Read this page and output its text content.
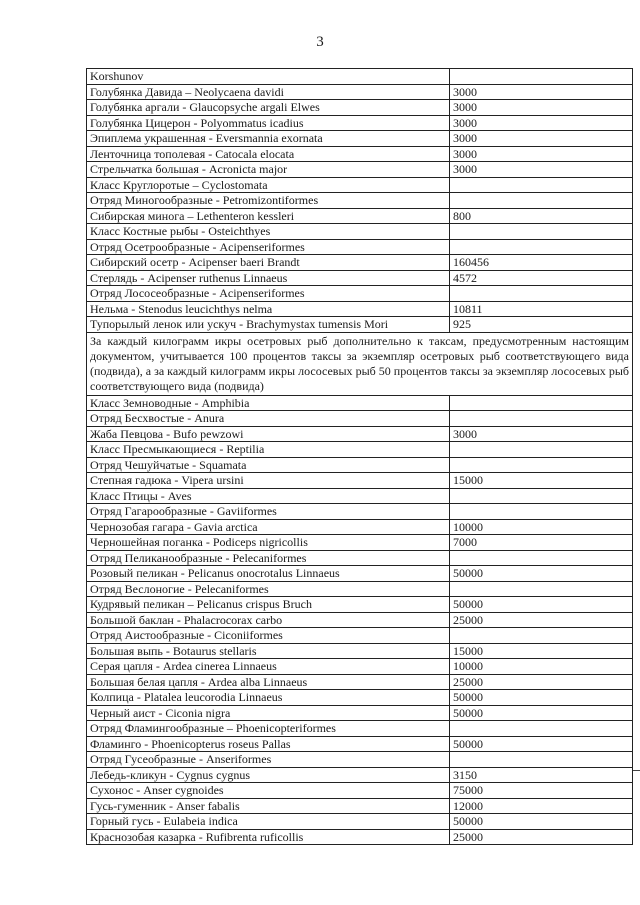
3
Korshunov	
Голубянка Давида – Neolycaena davidi	3000
Голубянка аргали - Glaucopsyche argali Elwes	3000
Голубянка Цицерон - Polyommatus icadius	3000
Эпиплема украшенная - Eversmannia exornata	3000
Ленточница тополевая - Catocala elocata	3000
Стрельчатка большая - Acronicta major	3000
Класс Круглоротые – Cyclostomata	
Отряд Миногообразные - Petromizontiformes	
Сибирская минога – Lethenteron kessleri	800
Класс Костные рыбы - Osteichthyes	
Отряд Осетрообразные - Acipenseriformes	
Сибирский осетр - Acipenser baeri Brandt	160456
Стерлядь - Acipenser ruthenus Linnaeus	4572
Отряд Лососеобразные - Acipenseriformes	
Нельма - Stenodus leucichthys nelma	10811
Тупорылый ленок или ускуч - Brachymystax tumensis Mori	925
За каждый килограмм икры осетровых рыб дополнительно к таксам, предусмотренным настоящим документом, учитывается 100 процентов таксы за экземпляр осетровых рыб соответствующего вида (подвида), а за каждый килограмм икры лососевых рыб 50 процентов таксы за экземпляр лососевых рыб соответствующего вида (подвида)	
Класс Земноводные - Amphibia	
Отряд Бесхвостые - Anura	
Жаба Певцова - Bufo pewzowi	3000
Класс Пресмыкающиеся - Reptilia	
Отряд Чешуйчатые - Squamata	
Степная гадюка - Vipera ursini	15000
Класс Птицы - Aves	
Отряд Гагарообразные - Gaviiformes	
Чернозобая гагара - Gavia arctica	10000
Черношейная поганка - Podiceps nigricollis	7000
Отряд Пеликанообразные - Pelecaniformes	
Розовый пеликан - Pelicanus onocrotalus Linnaeus	50000
Отряд Веслоногие - Pelecaniformes	
Кудрявый пеликан – Pelicanus crispus Bruch	50000
Большой баклан - Phalacrocorax carbo	25000
Отряд Аистообразные - Ciconiiformes	
Большая выпь - Botaurus stellaris	15000
Серая цапля - Ardea cinerea Linnaeus	10000
Большая белая цапля - Ardea alba Linnaeus	25000
Колпица - Platalea leucorodia Linnaeus	50000
Черный аист - Ciconia nigra	50000
Отряд Фламингообразные – Phoenicopteriformes	
Фламинго - Phoenicopterus roseus Pallas	50000
Отряд Гусеобразные - Anseriformes	
Лебедь-кликун - Cygnus cygnus	3150
Сухонос - Anser cygnoides	75000
Гусь-гуменник - Anser fabalis	12000
Горный гусь - Eulabeia indica	50000
Краснозобая казарка - Rufibrenta ruficollis	25000
